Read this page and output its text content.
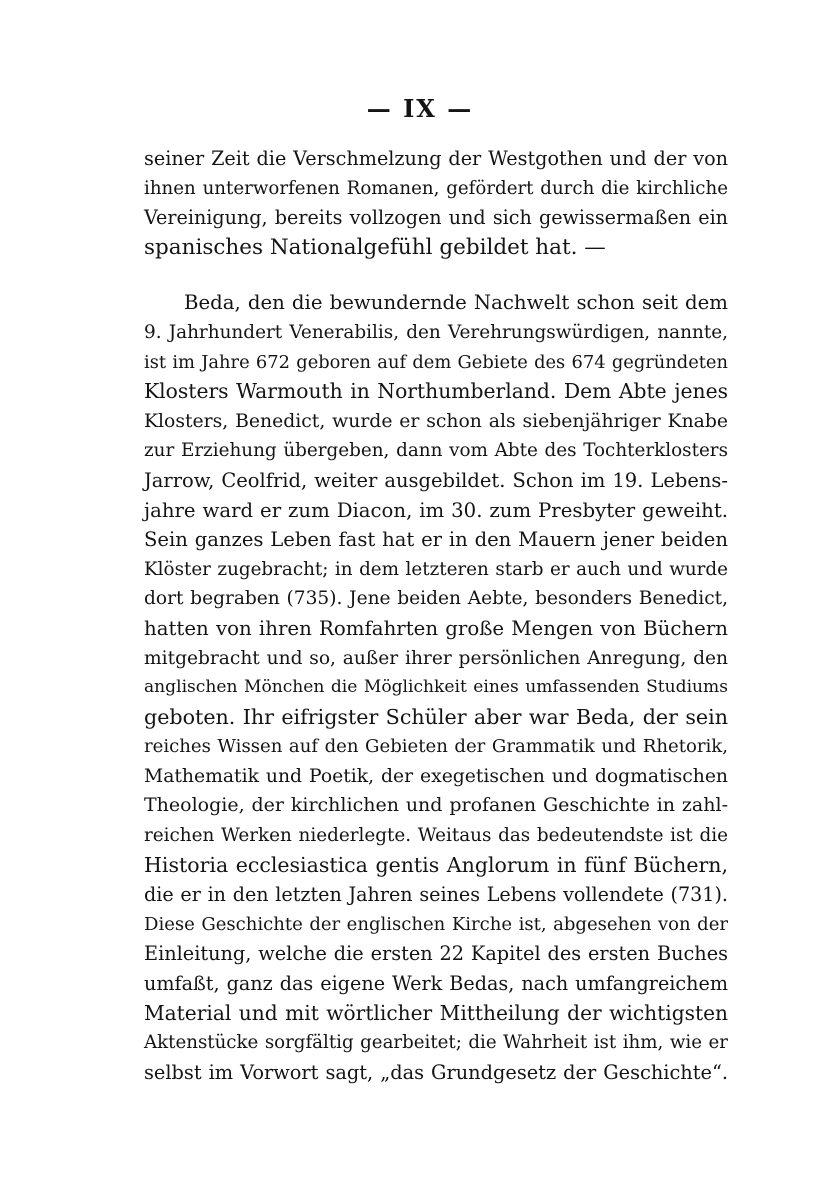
— IX —
seiner Zeit die Verschmelzung der Westgothen und der von
ihnen unterworfenen Romanen, gefördert durch die kirchliche
Vereinigung, bereits vollzogen und sich gewissermaßen ein
spanisches Nationalgefühl gebildet hat. —
Beda, den die bewundernde Nachwelt schon seit dem
9. Jahrhundert Venerabilis, den Verehrungswürdigen, nannte,
ist im Jahre 672 geboren auf dem Gebiete des 674 gegründeten
Klosters Warmouth in Northumberland. Dem Abte jenes
Klosters, Benedict, wurde er schon als siebenjähriger Knabe
zur Erziehung übergeben, dann vom Abte des Tochterklosters
Jarrow, Ceolfrid, weiter ausgebildet. Schon im 19. Lebens-
jahre ward er zum Diacon, im 30. zum Presbyter geweiht.
Sein ganzes Leben fast hat er in den Mauern jener beiden
Klöster zugebracht; in dem letzteren starb er auch und wurde
dort begraben (735). Jene beiden Aebte, besonders Benedict,
hatten von ihren Romfahrten große Mengen von Büchern
mitgebracht und so, außer ihrer persönlichen Anregung, den
anglischen Mönchen die Möglichkeit eines umfassenden Studiums
geboten. Ihr eifrigster Schüler aber war Beda, der sein
reiches Wissen auf den Gebieten der Grammatik und Rhetorik,
Mathematik und Poetik, der exegetischen und dogmatischen
Theologie, der kirchlichen und profanen Geschichte in zahl-
reichen Werken niederlegte. Weitaus das bedeutendste ist die
Historia ecclesiastica gentis Anglorum in fünf Büchern,
die er in den letzten Jahren seines Lebens vollendete (731).
Diese Geschichte der englischen Kirche ist, abgesehen von der
Einleitung, welche die ersten 22 Kapitel des ersten Buches
umfaßt, ganz das eigene Werk Bedas, nach umfangreichem
Material und mit wörtlicher Mittheilung der wichtigsten
Aktenstücke sorgfältig gearbeitet; die Wahrheit ist ihm, wie er
selbst im Vorwort sagt, „das Grundgesetz der Geschichte“.
